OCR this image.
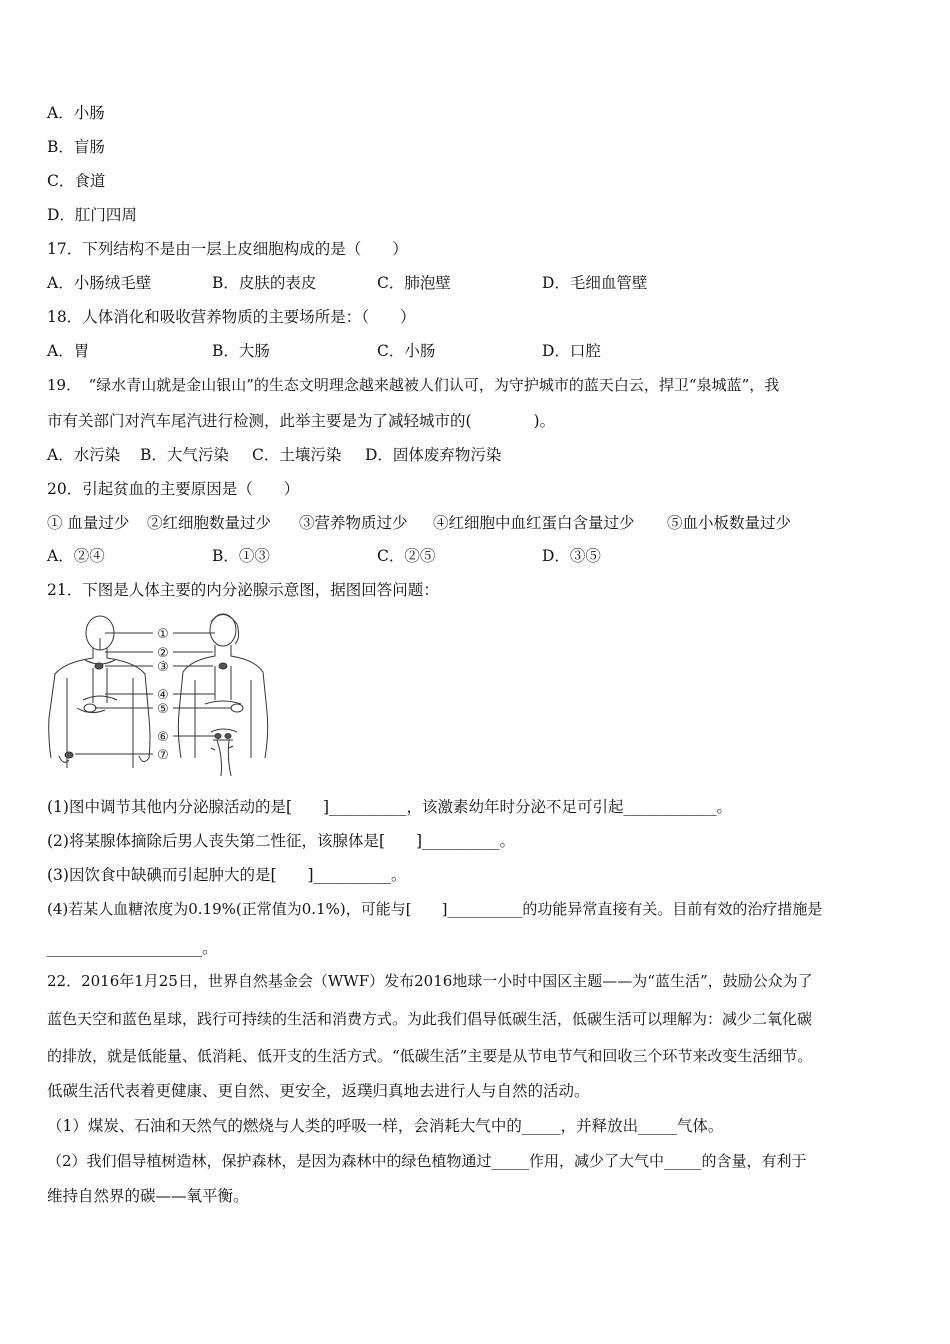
A．小肠
B．盲肠
C．食道
D．肛门四周
17．下列结构不是由一层上皮细胞构成的是（　　）
A．小肠绒毛壁	B．皮肤的表皮	C．肺泡壁	D．毛细血管壁
18．人体消化和吸收营养物质的主要场所是：（　　）
A．胃	B．大肠	C．小肠	D．口腔
19．　“绿水青山就是金山银山”的生态文明理念越来越被人们认可，为守护城市的蓝天白云，捍卫“泉城蓝”，我
市有关部门对汽车尾汽进行检测，此举主要是为了减轻城市的(　　　　)。
A．水污染 B．大气污染 C．土壤污染 D．固体废弃物污染
20．引起贫血的主要原因是（　　）
① 血量过少 ②红细胞数量过少 ③营养物质过少 ④红细胞中血红蛋白含量过少 ⑤血小板数量过少
A．②④	B．①③	C．②⑤	D．③⑤
21．下图是人体主要的内分泌腺示意图，据图回答问题：
①
②
③
④
⑤
⑥
⑦
(1)图中调节其他内分泌腺活动的是[　　]__________，该激素幼年时分泌不足可引起____________。
(2)将某腺体摘除后男人丧失第二性征，该腺体是[　　]__________。
(3)因饮食中缺碘而引起肿大的是[　　]__________。
(4)若某人血糖浓度为0.19%(正常值为0.1%)，可能与[　　]__________的功能异常直接有关。目前有效的治疗措施是
____________________。
22．2016年1月25日，世界自然基金会（WWF）发布2016地球一小时中国区主题——为“蓝生活”，鼓励公众为了
蓝色天空和蓝色星球，践行可持续的生活和消费方式。为此我们倡导低碳生活，低碳生活可以理解为：减少二氧化碳
的排放，就是低能量、低消耗、低开支的生活方式。“低碳生活”主要是从节电节气和回收三个环节来改变生活细节。
低碳生活代表着更健康、更自然、更安全，返璞归真地去进行人与自然的活动。
（1）煤炭、石油和天然气的燃烧与人类的呼吸一样，会消耗大气中的_____，并释放出_____气体。
（2）我们倡导植树造林，保护森林，是因为森林中的绿色植物通过_____作用，减少了大气中_____的含量，有利于
维持自然界的碳——氧平衡。
